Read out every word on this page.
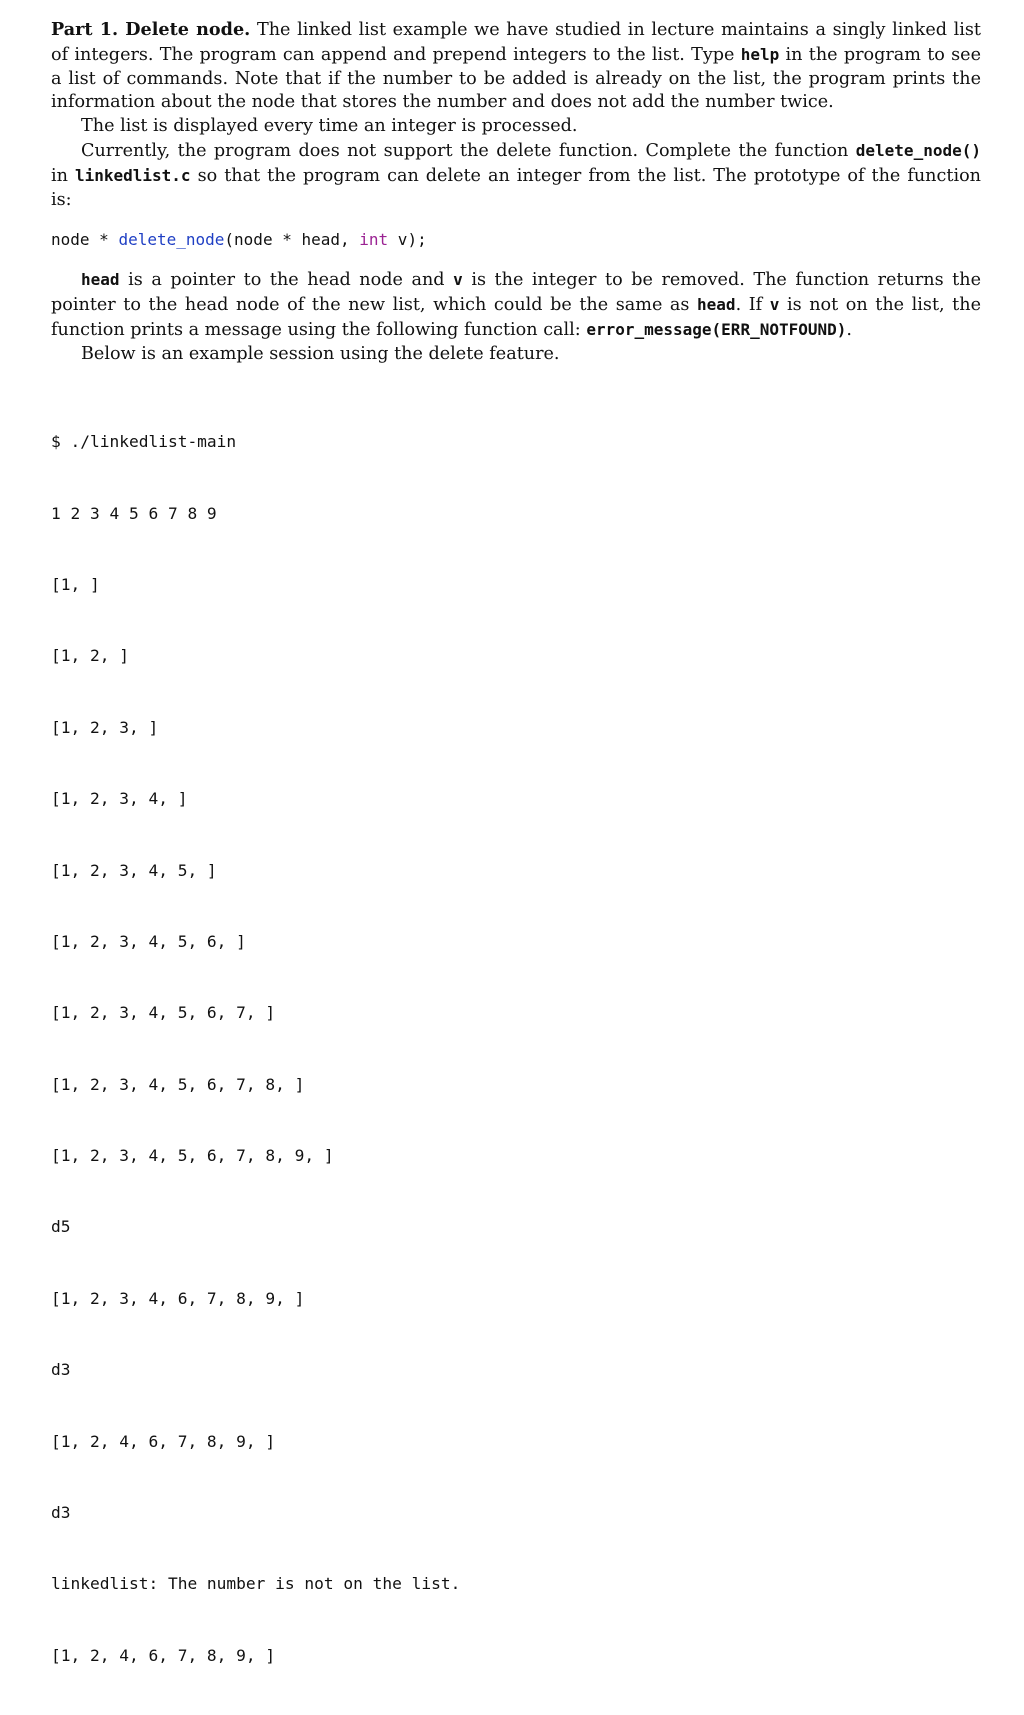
Part 1. Delete node. The linked list example we have studied in lecture maintains a singly linked list of integers. The program can append and prepend integers to the list. Type help in the program to see a list of commands. Note that if the number to be added is already on the list, the program prints the information about the node that stores the number and does not add the number twice.

The list is displayed every time an integer is processed.

Currently, the program does not support the delete function. Complete the function delete_node() in linkedlist.c so that the program can delete an integer from the list. The prototype of the function is:

node * delete_node(node * head, int v);

head is a pointer to the head node and v is the integer to be removed. The function returns the pointer to the head node of the new list, which could be the same as head. If v is not on the list, the function prints a message using the following function call: error_message(ERR_NOTFOUND).

Below is an example session using the delete feature.

$ ./linkedlist-main

1 2 3 4 5 6 7 8 9

[1, ]

[1, 2, ]

[1, 2, 3, ]

[1, 2, 3, 4, ]

[1, 2, 3, 4, 5, ]

[1, 2, 3, 4, 5, 6, ]

[1, 2, 3, 4, 5, 6, 7, ]

[1, 2, 3, 4, 5, 6, 7, 8, ]

[1, 2, 3, 4, 5, 6, 7, 8, 9, ]

d5

[1, 2, 3, 4, 6, 7, 8, 9, ]

d3

[1, 2, 4, 6, 7, 8, 9, ]

d3

linkedlist: The number is not on the list.

[1, 2, 4, 6, 7, 8, 9, ]
